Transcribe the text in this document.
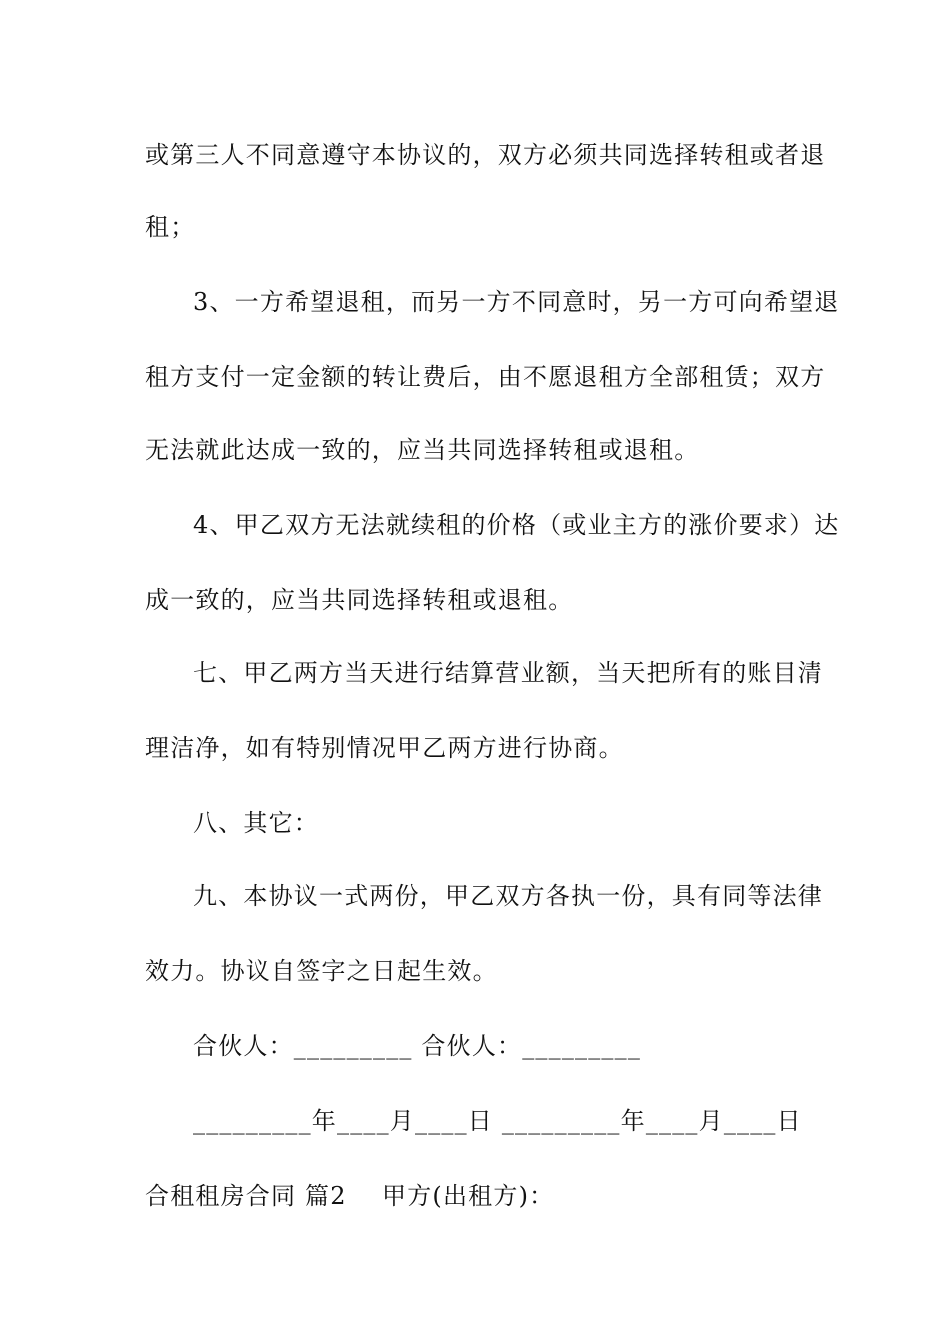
或第三人不同意遵守本协议的，双方必须共同选择转租或者退
租；
3、一方希望退租，而另一方不同意时，另一方可向希望退
租方支付一定金额的转让费后，由不愿退租方全部租赁；双方
无法就此达成一致的，应当共同选择转租或退租。
4、甲乙双方无法就续租的价格（或业主方的涨价要求）达
成一致的，应当共同选择转租或退租。
七、甲乙两方当天进行结算营业额，当天把所有的账目清
理洁净，如有特别情况甲乙两方进行协商。
八、其它：
九、本协议一式两份，甲乙双方各执一份，具有同等法律
效力。协议自签字之日起生效。
合伙人：_________ 合伙人：_________
_________年____月____日 _________年____月____日
合租租房合同 篇2    甲方(出租方)：
